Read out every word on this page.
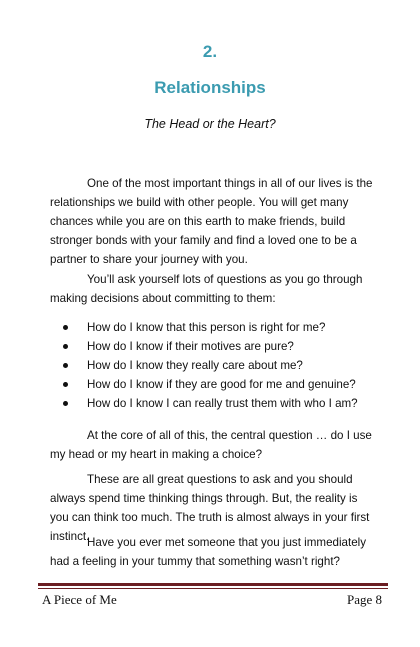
2.
Relationships
The Head or the Heart?

One of the most important things in all of our lives is the relationships we build with other people. You will get many chances while you are on this earth to make friends, build stronger bonds with your family and find a loved one to be a partner to share your journey with you.

You’ll ask yourself lots of questions as you go through making decisions about committing to them:

How do I know that this person is right for me?
How do I know if their motives are pure?
How do I know they really care about me?
How do I know if they are good for me and genuine?
How do I know I can really trust them with who I am?

At the core of all of this, the central question … do I use my head or my heart in making a choice?

These are all great questions to ask and you should always spend time thinking things through. But, the reality is you can think too much. The truth is almost always in your first instinct.

Have you ever met someone that you just immediately had a feeling in your tummy that something wasn’t right?

A Piece of Me	Page 8
